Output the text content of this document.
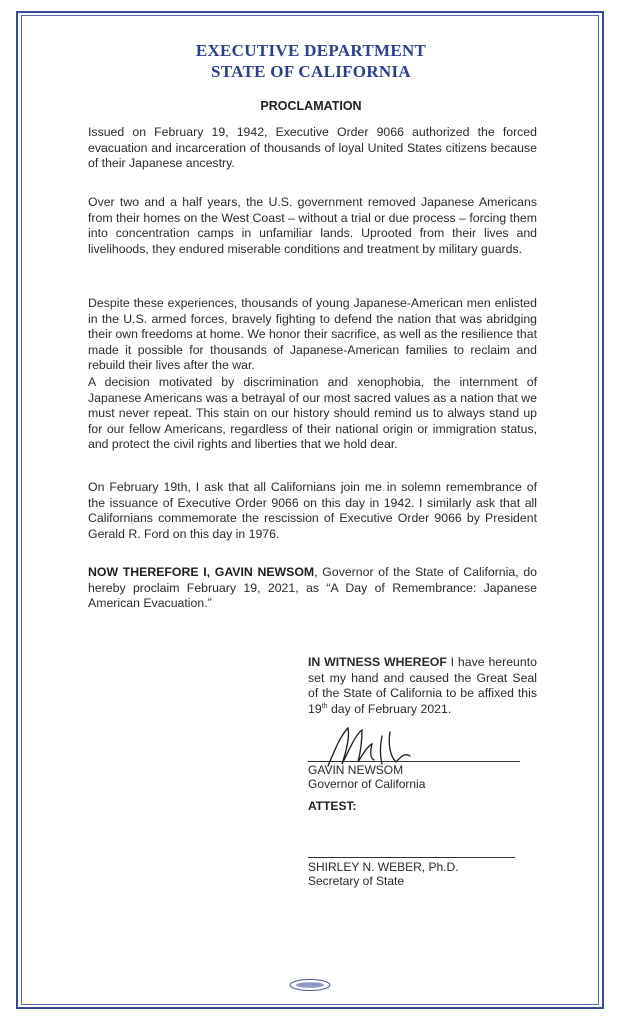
EXECUTIVE DEPARTMENT
STATE OF CALIFORNIA
PROCLAMATION

Issued on February 19, 1942, Executive Order 9066 authorized the forced evacuation and incarceration of thousands of loyal United States citizens because of their Japanese ancestry.

Over two and a half years, the U.S. government removed Japanese Americans from their homes on the West Coast – without a trial or due process – forcing them into concentration camps in unfamiliar lands. Uprooted from their lives and livelihoods, they endured miserable conditions and treatment by military guards.

Despite these experiences, thousands of young Japanese-American men enlisted in the U.S. armed forces, bravely fighting to defend the nation that was abridging their own freedoms at home. We honor their sacrifice, as well as the resilience that made it possible for thousands of Japanese-American families to reclaim and rebuild their lives after the war.

A decision motivated by discrimination and xenophobia, the internment of Japanese Americans was a betrayal of our most sacred values as a nation that we must never repeat. This stain on our history should remind us to always stand up for our fellow Americans, regardless of their national origin or immigration status, and protect the civil rights and liberties that we hold dear.

On February 19th, I ask that all Californians join me in solemn remembrance of the issuance of Executive Order 9066 on this day in 1942. I similarly ask that all Californians commemorate the rescission of Executive Order 9066 by President Gerald R. Ford on this day in 1976.

NOW THEREFORE I, GAVIN NEWSOM, Governor of the State of California, do hereby proclaim February 19, 2021, as “A Day of Remembrance: Japanese American Evacuation.”

IN WITNESS WHEREOF I have hereunto set my hand and caused the Great Seal of the State of California to be affixed this 19th day of February 2021.

GAVIN NEWSOM
Governor of California
ATTEST:
SHIRLEY N. WEBER, Ph.D.
Secretary of State
